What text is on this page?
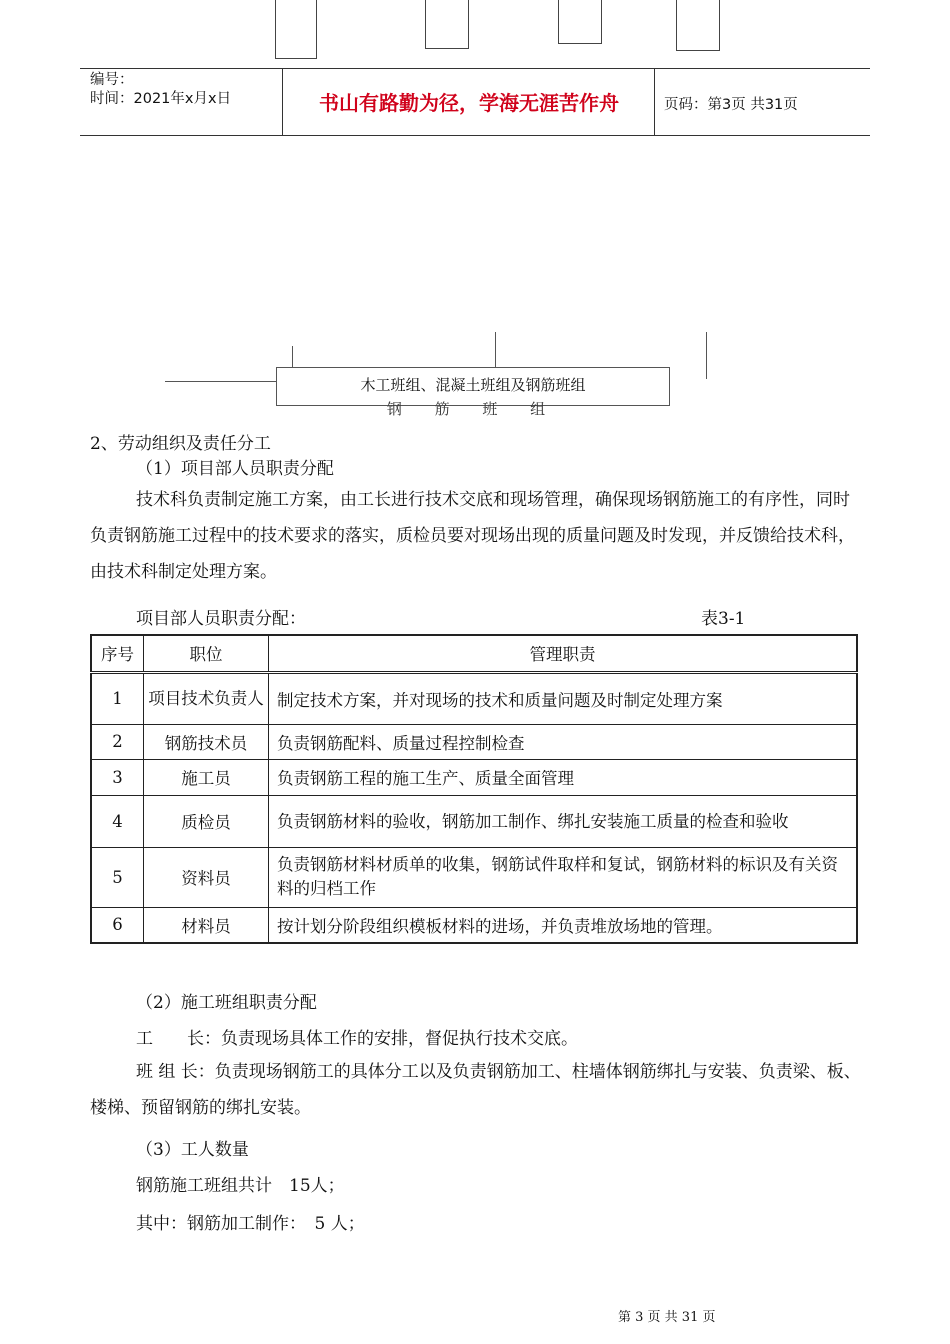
编号：
时间：2021年x月x日	书山有路勤为径，学海无涯苦作舟	页码：第3页 共31页
木工班组、混凝土班组及钢筋班组
钢 筋 班 组
2、劳动组织及责任分工
（1）项目部人员职责分配
技术科负责制定施工方案，由工长进行技术交底和现场管理，确保现场钢筋施工的有序性，同时负责钢筋施工过程中的技术要求的落实，质检员要对现场出现的质量问题及时发现，并反馈给技术科，由技术科制定处理方案。
项目部人员职责分配：	表3-1
序号	职位	管理职责
1	项目技术负责人	制定技术方案，并对现场的技术和质量问题及时制定处理方案
2	钢筋技术员	负责钢筋配料、质量过程控制检查
3	施工员	负责钢筋工程的施工生产、质量全面管理
4	质检员	负责钢筋材料的验收，钢筋加工制作、绑扎安装施工质量的检查和验收
5	资料员	负责钢筋材料材质单的收集，钢筋试件取样和复试，钢筋材料的标识及有关资料的归档工作
6	材料员	按计划分阶段组织模板材料的进场，并负责堆放场地的管理。
（2）施工班组职责分配
工　　长：负责现场具体工作的安排，督促执行技术交底。
班 组 长：负责现场钢筋工的具体分工以及负责钢筋加工、柱墙体钢筋绑扎与安装、负责梁、板、楼梯、预留钢筋的绑扎安装。
（3）工人数量
钢筋施工班组共计　15人；
其中：钢筋加工制作：　5 人；
第 3 页 共 31 页
